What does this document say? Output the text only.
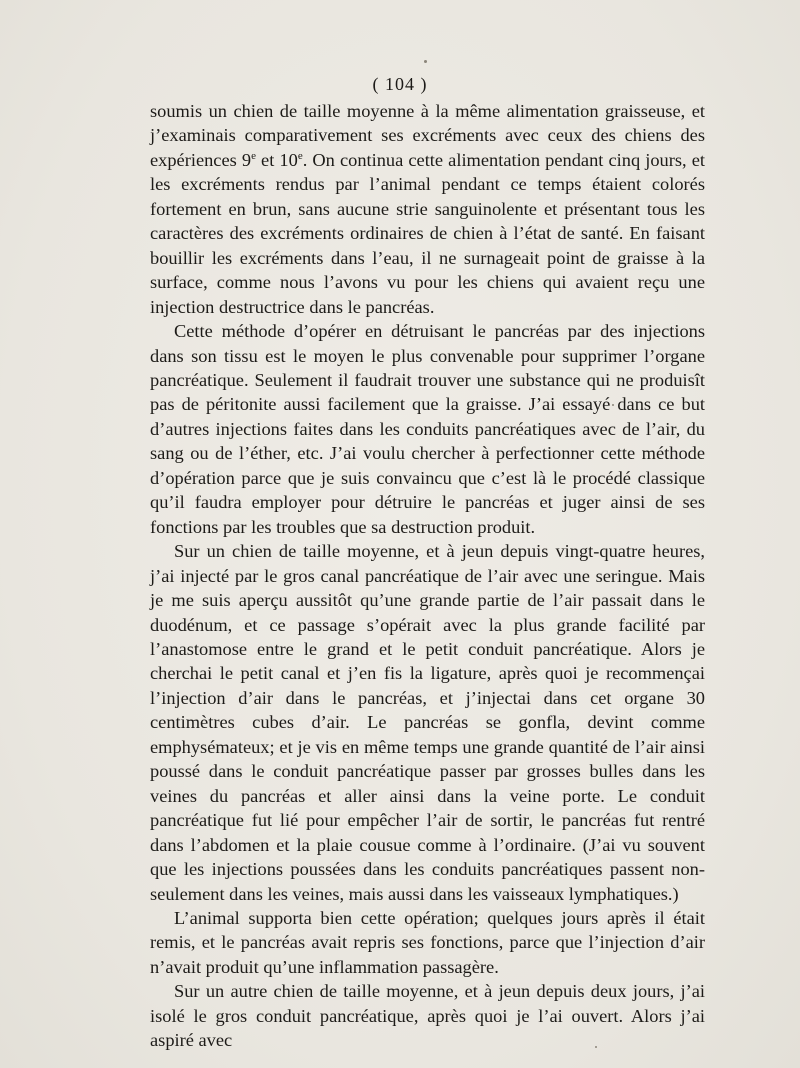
( 104 )

soumis un chien de taille moyenne à la même alimentation graisseuse, et j’examinais comparativement ses excréments avec ceux des chiens des expériences 9e et 10e. On continua cette alimentation pendant cinq jours, et les excréments rendus par l’animal pendant ce temps étaient colorés fortement en brun, sans aucune strie sanguinolente et présentant tous les caractères des excréments ordinaires de chien à l’état de santé. En faisant bouillir les excréments dans l’eau, il ne surnageait point de graisse à la surface, comme nous l’avons vu pour les chiens qui avaient reçu une injection destructrice dans le pancréas.

Cette méthode d’opérer en détruisant le pancréas par des injections dans son tissu est le moyen le plus convenable pour supprimer l’organe pancréatique. Seulement il faudrait trouver une substance qui ne produisît pas de péritonite aussi facilement que la graisse. J’ai essayé dans ce but d’autres injections faites dans les conduits pancréatiques avec de l’air, du sang ou de l’éther, etc. J’ai voulu chercher à perfectionner cette méthode d’opération parce que je suis convaincu que c’est là le procédé classique qu’il faudra employer pour détruire le pancréas et juger ainsi de ses fonctions par les troubles que sa destruction produit.

Sur un chien de taille moyenne, et à jeun depuis vingt-quatre heures, j’ai injecté par le gros canal pancréatique de l’air avec une seringue. Mais je me suis aperçu aussitôt qu’une grande partie de l’air passait dans le duodénum, et ce passage s’opérait avec la plus grande facilité par l’anastomose entre le grand et le petit conduit pancréatique. Alors je cherchai le petit canal et j’en fis la ligature, après quoi je recommençai l’injection d’air dans le pancréas, et j’injectai dans cet organe 30 centimètres cubes d’air. Le pancréas se gonfla, devint comme emphysémateux; et je vis en même temps une grande quantité de l’air ainsi poussé dans le conduit pancréatique passer par grosses bulles dans les veines du pancréas et aller ainsi dans la veine porte. Le conduit pancréatique fut lié pour empêcher l’air de sortir, le pancréas fut rentré dans l’abdomen et la plaie cousue comme à l’ordinaire. (J’ai vu souvent que les injections poussées dans les conduits pancréatiques passent non-seulement dans les veines, mais aussi dans les vaisseaux lymphatiques.)

L’animal supporta bien cette opération; quelques jours après il était remis, et le pancréas avait repris ses fonctions, parce que l’injection d’air n’avait produit qu’une inflammation passagère.

Sur un autre chien de taille moyenne, et à jeun depuis deux jours, j’ai isolé le gros conduit pancréatique, après quoi je l’ai ouvert. Alors j’ai aspiré avec
